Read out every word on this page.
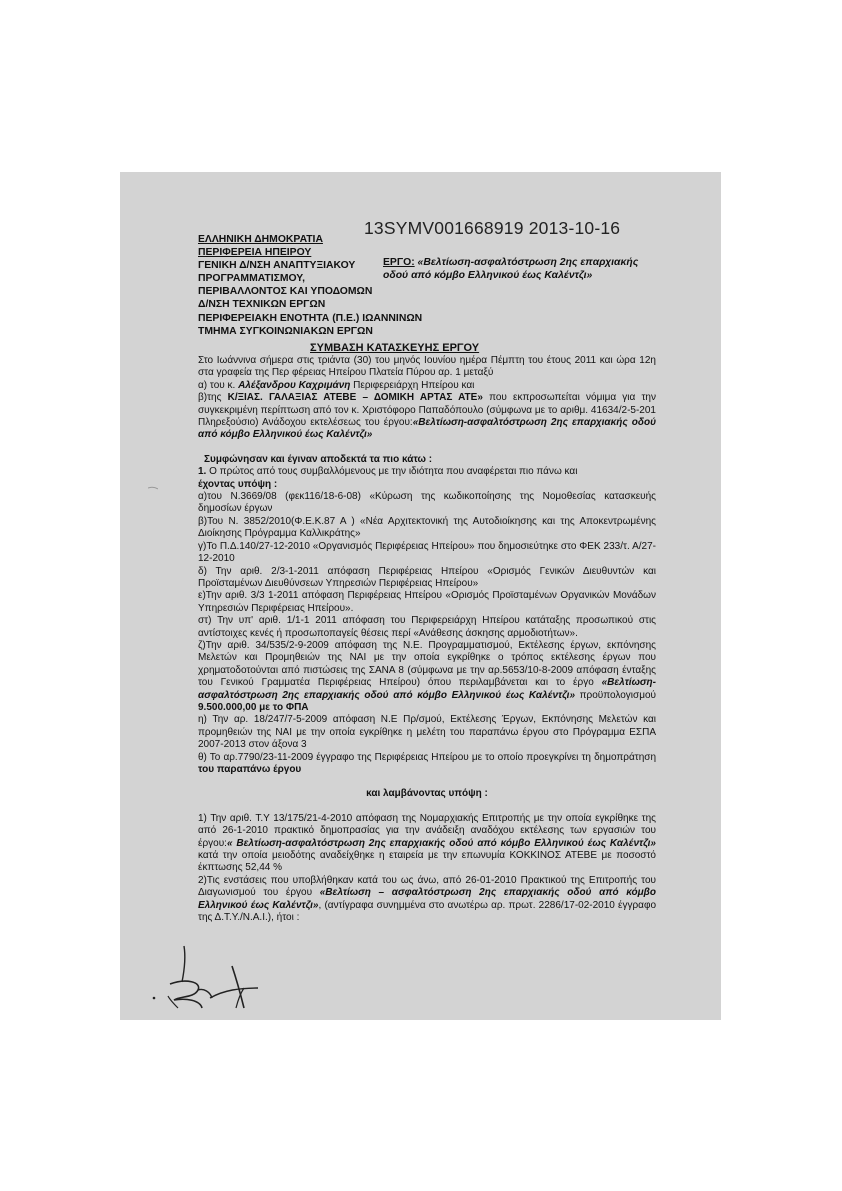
13SYMV001668919 2013-10-16
ΕΛΛΗΝΙΚΗ ΔΗΜΟΚΡΑΤΙΑ
ΠΕΡΙΦΕΡΕΙΑ ΗΠΕΙΡΟΥ
ΓΕΝΙΚΗ Δ/ΝΣΗ ΑΝΑΠΤΥΞΙΑΚΟΥ
ΠΡΟΓΡΑΜΜΑΤΙΣΜΟΥ,
ΠΕΡΙΒΑΛΛΟΝΤΟΣ ΚΑΙ ΥΠΟΔΟΜΩΝ
Δ/ΝΣΗ ΤΕΧΝΙΚΩΝ ΕΡΓΩΝ
ΠΕΡΙΦΕΡΕΙΑΚΗ ΕΝΟΤΗΤΑ (Π.Ε.) ΙΩΑΝΝΙΝΩΝ
ΤΜΗΜΑ ΣΥΓΚΟΙΝΩΝΙΑΚΩΝ ΕΡΓΩΝ
ΕΡΓΟ: «Βελτίωση-ασφαλτόστρωση 2ης επαρχιακής οδού από κόμβο Ελληνικού έως Καλέντζι»
ΣΥΜΒΑΣΗ ΚΑΤΑΣΚΕΥΗΣ ΕΡΓΟΥ

Στο Ιωάννινα σήμερα στις τριάντα (30) του μηνός Ιουνίου ημέρα Πέμπτη του έτους 2011 και ώρα 12η στα γραφεία της Περ φέρειας Ηπείρου Πλατεία Πύρου αρ. 1 μεταξύ

α) του κ. Αλέξανδρου Καχριμάνη Περιφερειάρχη Ηπείρου και

β)της Κ/ΞΙΑΣ. ΓΑΛΑΞΙΑΣ ΑΤΕΒΕ – ΔΟΜΙΚΗ ΑΡΤΑΣ ΑΤΕ» που εκπροσωπείται νόμιμα για την συγκεκριμένη περίπτωση από τον κ. Χριστόφορο Παπαδόπουλο (σύμφωνα με το αριθμ. 41634/2-5-201 Πληρεξούσιο) Ανάδοχου εκτελέσεως του έργου:«Βελτίωση-ασφαλτόστρωση 2ης επαρχιακής οδού από κόμβο Ελληνικού έως Καλέντζι»

Συμφώνησαν και έγιναν αποδεκτά τα πιο κάτω :

1. Ο πρώτος από τους συμβαλλόμενους με την ιδιότητα που αναφέρεται πιο πάνω και

έχοντας υπόψη :

α)του Ν.3669/08 (φεκ116/18-6-08) «Κύρωση της κωδικοποίησης της Νομοθεσίας κατασκευής δημοσίων έργων

β)Του Ν. 3852/2010(Φ.Ε.Κ.87 Α ) «Νέα Αρχιτεκτονική της Αυτοδιοίκησης και της Αποκεντρωμένης Διοίκησης Πρόγραμμα Καλλικράτης»

γ)Το Π.Δ.140/27-12-2010 «Οργανισμός Περιφέρειας Ηπείρου» που δημοσιεύτηκε στο ΦΕΚ 233/τ. Α/27-12-2010

δ) Την αριθ. 2/3-1-2011 απόφαση Περιφέρειας Ηπείρου «Ορισμός Γενικών Διευθυντών και Προϊσταμένων Διευθύνσεων Υπηρεσιών Περιφέρειας Ηπείρου»

ε)Την αριθ. 3/3 1-2011 απόφαση Περιφέρειας Ηπείρου «Ορισμός Προϊσταμένων Οργανικών Μονάδων Υπηρεσιών Περιφέρειας Ηπείρου».

στ) Την υπ' αριθ. 1/1-1 2011 απόφαση του Περιφερειάρχη Ηπείρου κατάταξης προσωπικού στις αντίστοιχες κενές ή προσωποπαγείς θέσεις περί «Ανάθεσης άσκησης αρμοδιοτήτων».

ζ)Την αριθ. 34/535/2-9-2009 απόφαση της Ν.Ε. Προγραμματισμού, Εκτέλεσης έργων, εκπόνησης Μελετών και Προμηθειών της ΝΑΙ με την οποία εγκρίθηκε ο τρόπος εκτέλεσης έργων που χρηματοδοτούνται από πιστώσεις της ΣΑΝΑ 8 (σύμφωνα με την αρ.5653/10-8-2009 απόφαση ένταξης του Γενικού Γραμματέα Περιφέρειας Ηπείρου) όπου περιλαμβάνεται και το έργο «Βελτίωση-ασφαλτόστρωση 2ης επαρχιακής οδού από κόμβο Ελληνικού έως Καλέντζι» προϋπολογισμού 9.500.000,00 με το ΦΠΑ

η) Την αρ. 18/247/7-5-2009 απόφαση Ν.Ε Πρ/σμού, Εκτέλεσης Έργων, Εκπόνησης Μελετών και προμηθειών της ΝΑΙ με την οποία εγκρίθηκε η μελέτη του παραπάνω έργου στο Πρόγραμμα ΕΣΠΑ 2007-2013 στον άξονα 3

θ) Το αρ.7790/23-11-2009 έγγραφο της Περιφέρειας Ηπείρου με το οποίο προεγκρίνει τη δημοπράτηση του παραπάνω έργου

και λαμβάνοντας υπόψη :

1) Την αριθ. Τ.Υ 13/175/21-4-2010 απόφαση της Νομαρχιακής Επιτροπής με την οποία εγκρίθηκε της από 26-1-2010 πρακτικό δημοπρασίας για την ανάδειξη αναδόχου εκτέλεσης των εργασιών του έργου:« Βελτίωση-ασφαλτόστρωση 2ης επαρχιακής οδού από κόμβο Ελληνικού έως Καλέντζι» κατά την οποία μειοδότης αναδείχθηκε η εταιρεία με την επωνυμία ΚΟΚΚΙΝΟΣ ΑΤΕΒΕ με ποσοστό έκπτωσης 52,44 %

2)Τις ενστάσεις που υποβλήθηκαν κατά του ως άνω, από 26-01-2010 Πρακτικού της Επιτροπής του Διαγωνισμού του έργου «Βελτίωση – ασφαλτόστρωση 2ης επαρχιακής οδού από κόμβο Ελληνικού έως Καλέντζι», (αντίγραφα συνημμένα στο ανωτέρω αρ. πρωτ. 2286/17-02-2010 έγγραφο της Δ.Τ.Υ./Ν.Α.Ι.), ήτοι :
